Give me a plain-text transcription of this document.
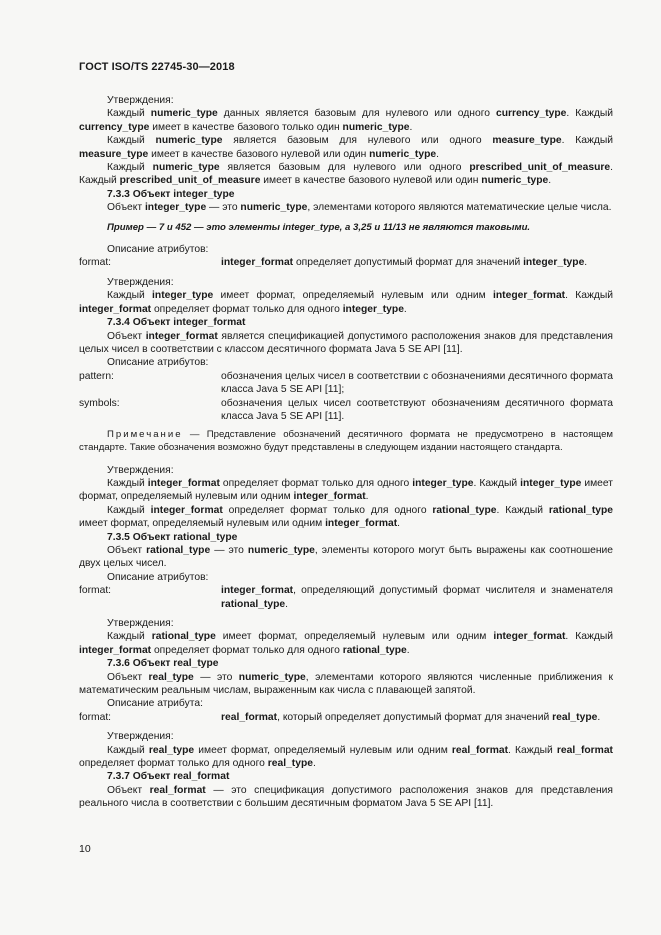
ГОСТ ISO/TS 22745-30—2018

Утверждения:

Каждый numeric_type данных является базовым для нулевого или одного currency_type. Каждый currency_type имеет в качестве базового только один numeric_type.

Каждый numeric_type является базовым для нулевого или одного measure_type. Каждый measure_type имеет в качестве базового нулевой или один numeric_type.

Каждый numeric_type является базовым для нулевого или одного prescribed_unit_of_measure. Каждый prescribed_unit_of_measure имеет в качестве базового нулевой или один numeric_type.

7.3.3 Объект integer_type

Объект integer_type — это numeric_type, элементами которого являются математические целые числа.

Пример — 7 и 452 — это элементы integer_type, а 3,25 и 11/13 не являются таковыми.

Описание атрибутов:

format:	integer_format определяет допустимый формат для значений integer_type.

Утверждения:

Каждый integer_type имеет формат, определяемый нулевым или одним integer_format. Каждый integer_format определяет формат только для одного integer_type.

7.3.4 Объект integer_format

Объект integer_format является спецификацией допустимого расположения знаков для представления целых чисел в соответствии с классом десятичного формата Java 5 SE API [11].

Описание атрибутов:

pattern:	обозначения целых чисел в соответствии с обозначениями десятичного формата класса Java 5 SE API [11];
symbols:	обозначения целых чисел соответствуют обозначениям десятичного формата класса Java 5 SE API [11].

Примечание — Представление обозначений десятичного формата не предусмотрено в настоящем стандарте. Такие обозначения возможно будут представлены в следующем издании настоящего стандарта.

Утверждения:

Каждый integer_format определяет формат только для одного integer_type. Каждый integer_type имеет формат, определяемый нулевым или одним integer_format.

Каждый integer_format определяет формат только для одного rational_type. Каждый rational_type имеет формат, определяемый нулевым или одним integer_format.

7.3.5 Объект rational_type

Объект rational_type — это numeric_type, элементы которого могут быть выражены как соотношение двух целых чисел.

Описание атрибутов:

format:	integer_format, определяющий допустимый формат числителя и знаменателя rational_type.

Утверждения:

Каждый rational_type имеет формат, определяемый нулевым или одним integer_format. Каждый integer_format определяет формат только для одного rational_type.

7.3.6 Объект real_type

Объект real_type — это numeric_type, элементами которого являются численные приближения к математическим реальным числам, выраженным как числа с плавающей запятой.

Описание атрибута:

format:	real_format, который определяет допустимый формат для значений real_type.

Утверждения:

Каждый real_type имеет формат, определяемый нулевым или одним real_format. Каждый real_format определяет формат только для одного real_type.

7.3.7 Объект real_format

Объект real_format — это спецификация допустимого расположения знаков для представления реального числа в соответствии с большим десятичным форматом Java 5 SE API [11].

10
